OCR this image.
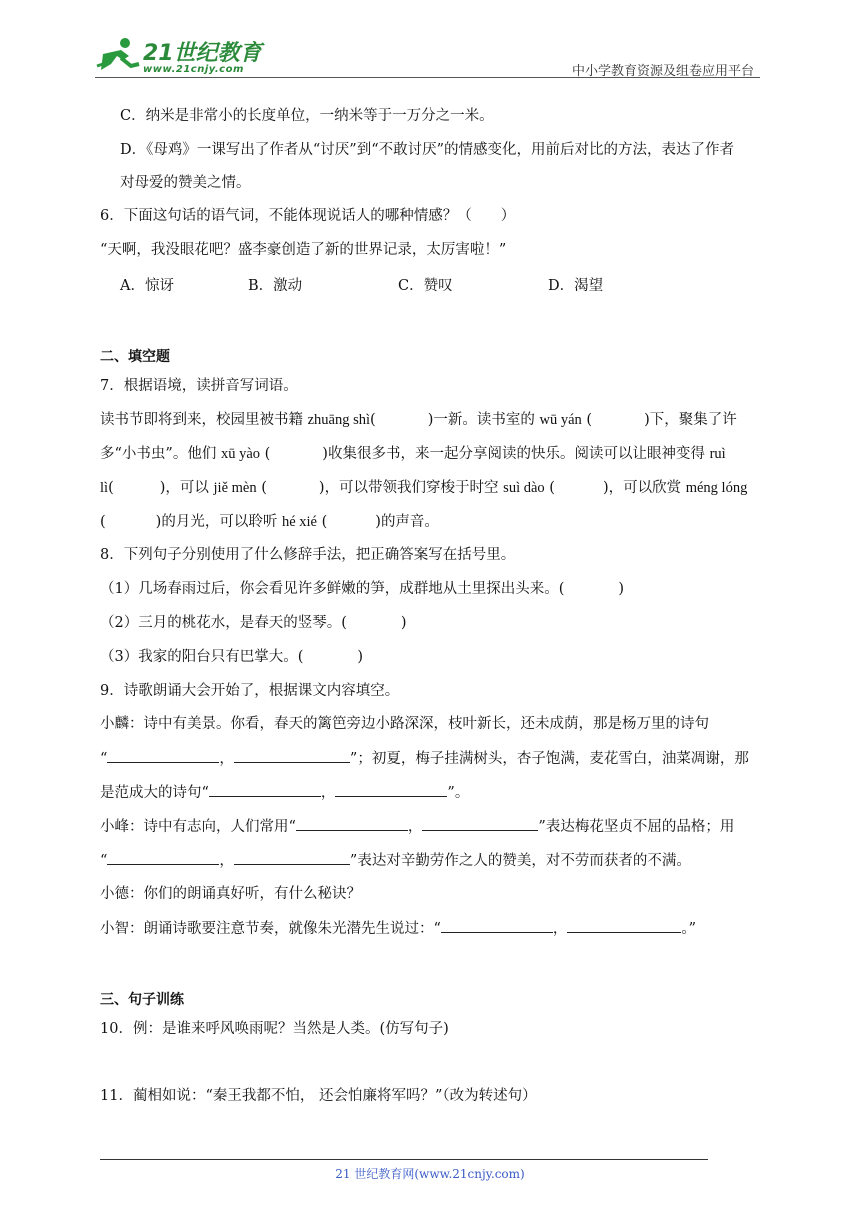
21世纪教育
www.21cnjy.com	中小学教育资源及组卷应用平台
C．纳米是非常小的长度单位，一纳米等于一万分之一米。
D．《母鸡》一课写出了作者从“讨厌”到“不敢讨厌”的情感变化，用前后对比的方法，表达了作者
对母爱的赞美之情。
6．下面这句话的语气词，不能体现说话人的哪种情感？（　　）
“天啊，我没眼花吧？盛李豪创造了新的世界记录，太厉害啦！”
A．惊讶	B．激动	C．赞叹	D．渴望
二、填空题
7．根据语境，读拼音写词语。
读书节即将到来，校园里被书籍 zhuāng shì(	)一新。读书室的 wū yán (	)下，聚集了许
多“小书虫”。他们 xū yào (	)收集很多书，来一起分享阅读的快乐。阅读可以让眼神变得 ruì
lì(	)，可以 jiě mèn (	)，可以带领我们穿梭于时空 suì dào (	)，可以欣赏 méng lóng
(	)的月光，可以聆听 hé xié (	)的声音。
8．下列句子分别使用了什么修辞手法，把正确答案写在括号里。
（1）几场春雨过后，你会看见许多鲜嫩的笋，成群地从土里探出头来。(	)
（2）三月的桃花水，是春天的竖琴。(	)
（3）我家的阳台只有巴掌大。(	)
9．诗歌朗诵大会开始了，根据课文内容填空。
小麟：诗中有美景。你看，春天的篱笆旁边小路深深，枝叶新长，还未成荫，那是杨万里的诗句
“	，	”；初夏，梅子挂满树头，杏子饱满，麦花雪白，油菜凋谢，那
是范成大的诗句“	，	”。
小峰：诗中有志向，人们常用“	，	”表达梅花坚贞不屈的品格；用
“	，	”表达对辛勤劳作之人的赞美，对不劳而获者的不满。
小德：你们的朗诵真好听，有什么秘诀？
小智：朗诵诗歌要注意节奏，就像朱光潜先生说过：“	，	。”
三、句子训练
10．例：是谁来呼风唤雨呢？当然是人类。(仿写句子)
11．蔺相如说：“秦王我都不怕， 还会怕廉将军吗？”（改为转述句）
21 世纪教育网(www.21cnjy.com)
